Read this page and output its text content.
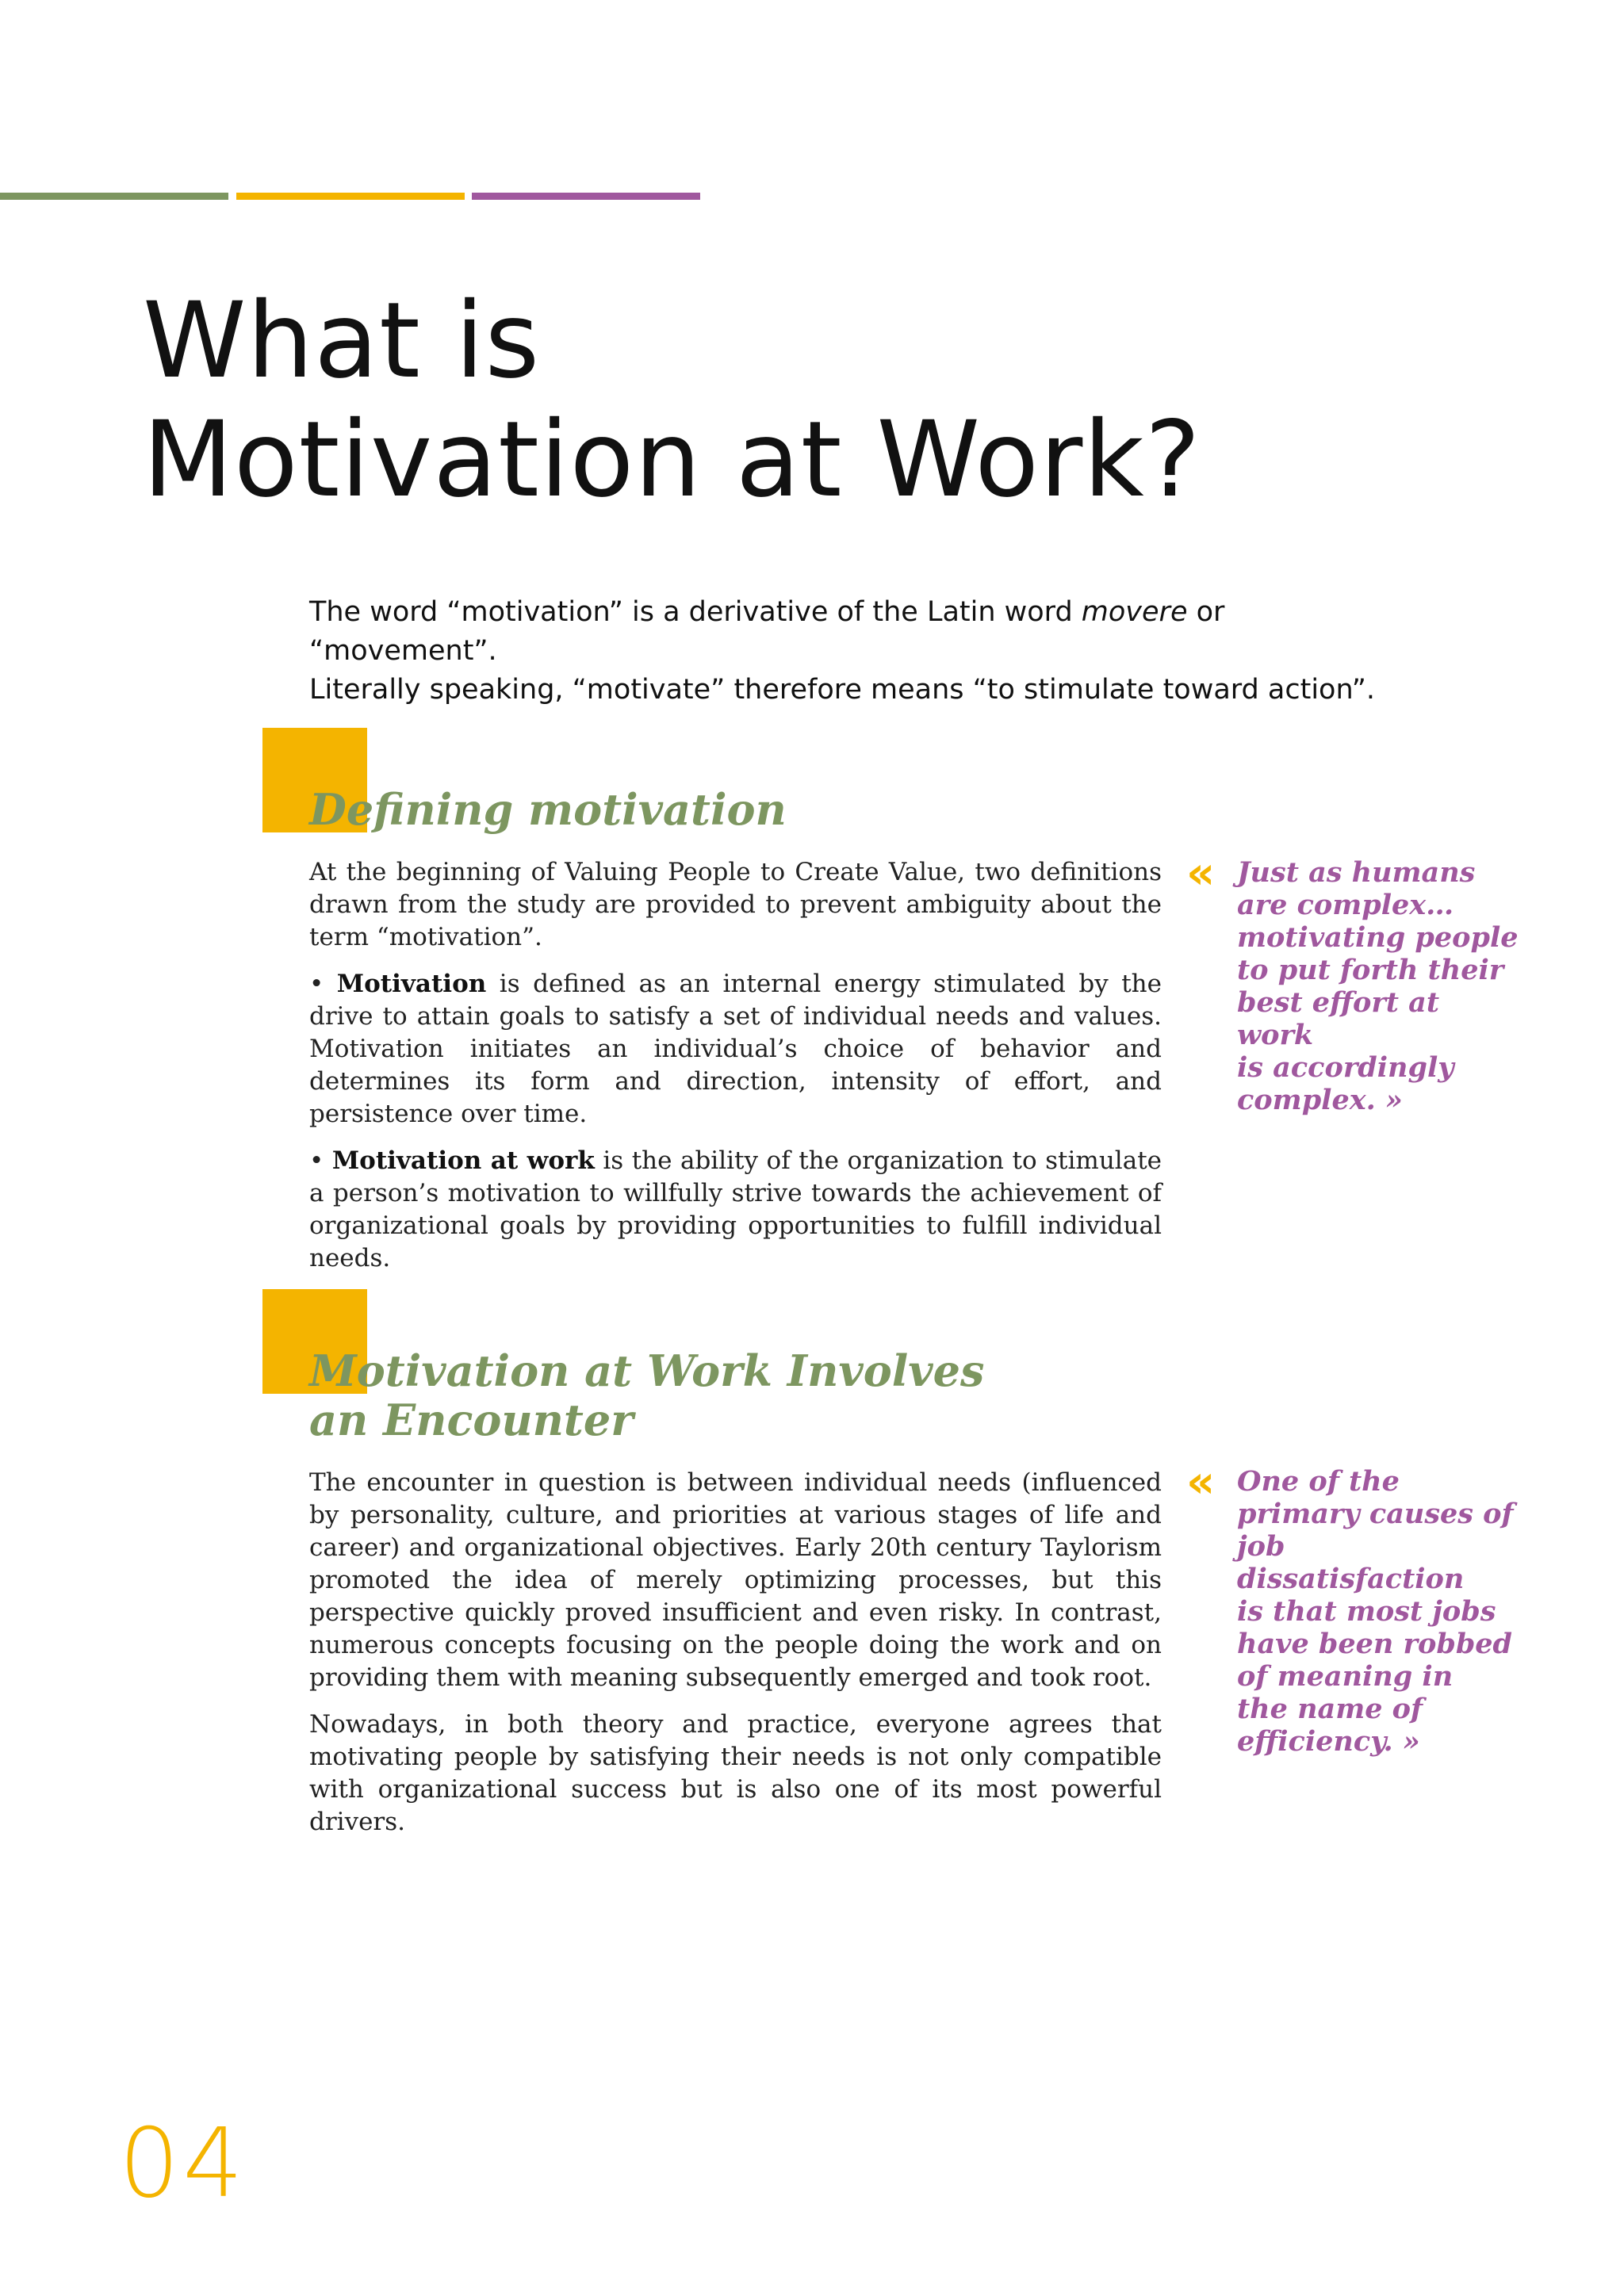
What is
Motivation at Work?
The word “motivation” is a derivative of the Latin word movere or “movement”.
Literally speaking, “motivate” therefore means “to stimulate toward action”.
Defining motivation

At the beginning of Valuing People to Create Value, two definitions drawn from the study are provided to prevent ambiguity about the term “motivation”.

• Motivation is defined as an internal energy stimulated by the drive to attain goals to satisfy a set of individual needs and values. Motivation initiates an individual’s choice of behavior and determines its form and direction, intensity of effort, and persistence over time.

• Motivation at work is the ability of the organization to stimulate a person’s motivation to willfully strive towards the achievement of organizational goals by providing opportunities to fulfill individual needs.

« Just as humans
are complex…
motivating people
to put forth their
best effort at work
is accordingly
complex. »

Motivation at Work Involves
an Encounter

The encounter in question is between individual needs (influenced by personality, culture, and priorities at various stages of life and career) and organizational objectives. Early 20th century Taylorism promoted the idea of merely optimizing processes, but this perspective quickly proved insufficient and even risky. In contrast, numerous concepts focusing on the people doing the work and on providing them with meaning subsequently emerged and took root.

Nowadays, in both theory and practice, everyone agrees that motivating people by satisfying their needs is not only compatible with organizational success but is also one of its most powerful drivers.

« One of the
primary causes of
job dissatisfaction
is that most jobs
have been robbed
of meaning in
the name of
efficiency. »

04
